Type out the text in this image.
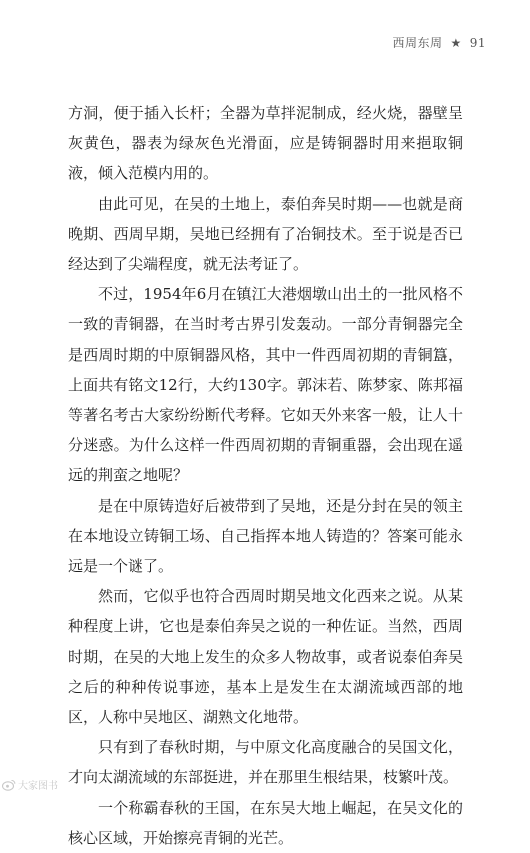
西周东周 ★ 91

方洞，便于插入长杆；全器为草拌泥制成，经火烧，器壁呈灰黄色，器表为绿灰色光滑面，应是铸铜器时用来挹取铜液，倾入范模内用的。

由此可见，在吴的土地上，泰伯奔吴时期——也就是商晚期、西周早期，吴地已经拥有了冶铜技术。至于说是否已经达到了尖端程度，就无法考证了。

不过，1954年6月在镇江大港烟墩山出土的一批风格不一致的青铜器，在当时考古界引发轰动。一部分青铜器完全是西周时期的中原铜器风格，其中一件西周初期的青铜簋，上面共有铭文12行，大约130字。郭沫若、陈梦家、陈邦福等著名考古大家纷纷断代考释。它如天外来客一般，让人十分迷惑。为什么这样一件西周初期的青铜重器，会出现在遥远的荆蛮之地呢？

是在中原铸造好后被带到了吴地，还是分封在吴的领主在本地设立铸铜工场、自己指挥本地人铸造的？答案可能永远是一个谜了。

然而，它似乎也符合西周时期吴地文化西来之说。从某种程度上讲，它也是泰伯奔吴之说的一种佐证。当然，西周时期，在吴的大地上发生的众多人物故事，或者说泰伯奔吴之后的种种传说事迹，基本上是发生在太湖流域西部的地区，人称中吴地区、湖熟文化地带。

只有到了春秋时期，与中原文化高度融合的吴国文化，才向太湖流域的东部挺进，并在那里生根结果，枝繁叶茂。

一个称霸春秋的王国，在东吴大地上崛起，在吴文化的核心区域，开始擦亮青铜的光芒。

大家图书
